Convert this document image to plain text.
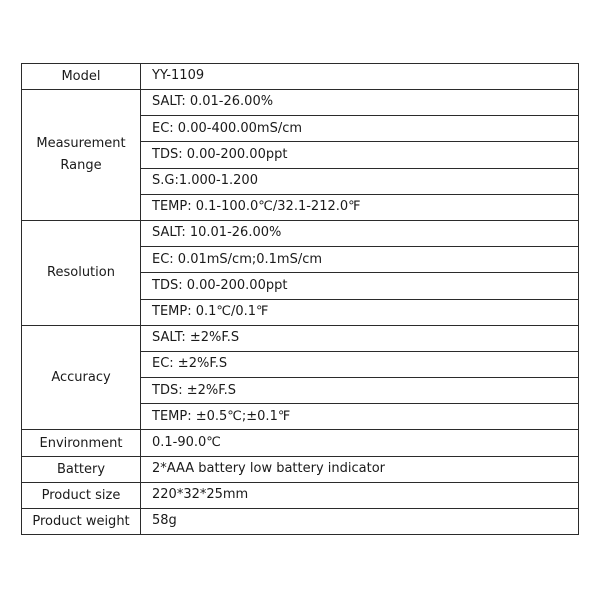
Model	YY-1109

Measurement
Range	SALT: 0.01-26.00%
	EC: 0.00-400.00mS/cm
	TDS: 0.00-200.00ppt
	S.G:1.000-1.200
	TEMP: 0.1-100.0℃/32.1-212.0℉

Resolution	SALT: 10.01-26.00%
	EC: 0.01mS/cm;0.1mS/cm
	TDS: 0.00-200.00ppt
	TEMP: 0.1℃/0.1℉

Accuracy	SALT: ±2%F.S
	EC: ±2%F.S
	TDS: ±2%F.S
	TEMP: ±0.5℃;±0.1℉

Environment	0.1-90.0℃

Battery	2*AAA battery low battery indicator

Product size	220*32*25mm

Product weight	58g
